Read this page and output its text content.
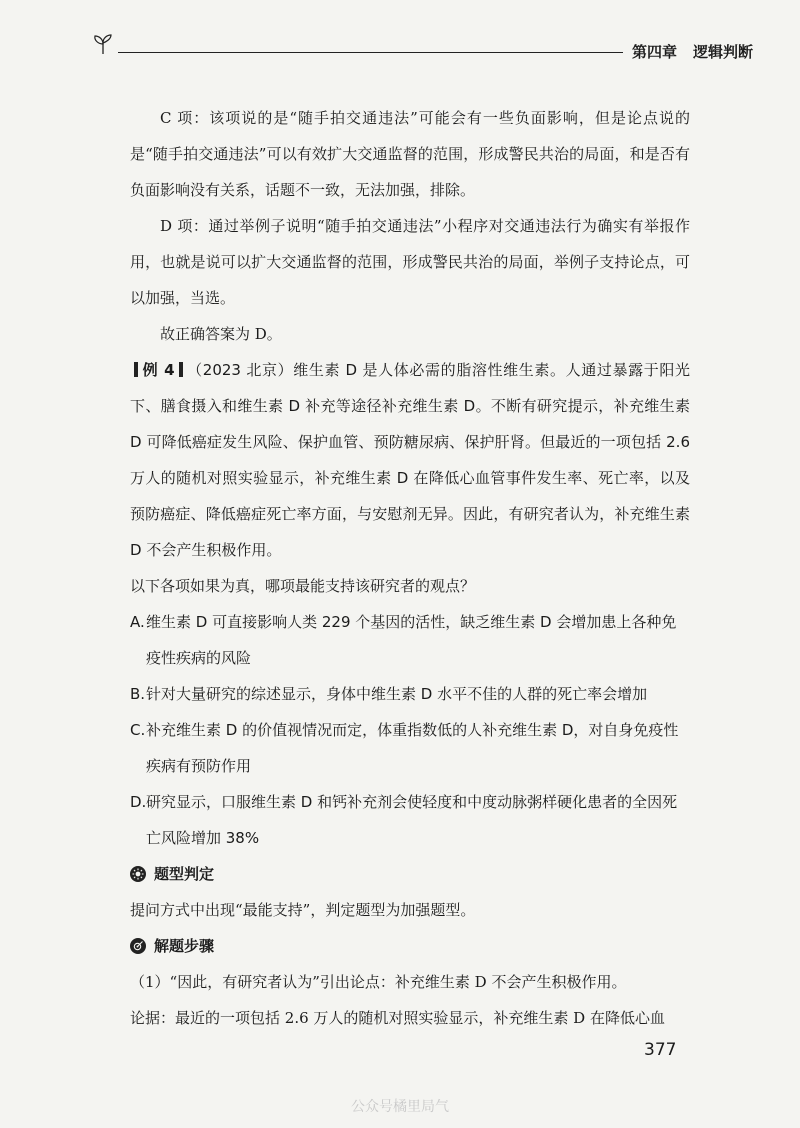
第四章 逻辑判断

C 项：该项说的是“随手拍交通违法”可能会有一些负面影响，但是论点说的是“随手拍交通违法”可以有效扩大交通监督的范围，形成警民共治的局面，和是否有负面影响没有关系，话题不一致，无法加强，排除。

D 项：通过举例子说明“随手拍交通违法”小程序对交通违法行为确实有举报作用，也就是说可以扩大交通监督的范围，形成警民共治的局面，举例子支持论点，可以加强，当选。

故正确答案为 D。

例 4 （2023 北京）维生素 D 是人体必需的脂溶性维生素。人通过暴露于阳光下、膳食摄入和维生素 D 补充等途径补充维生素 D。不断有研究提示，补充维生素 D 可降低癌症发生风险、保护血管、预防糖尿病、保护肝肾。但最近的一项包括 2.6 万人的随机对照实验显示，补充维生素 D 在降低心血管事件发生率、死亡率，以及预防癌症、降低癌症死亡率方面，与安慰剂无异。因此，有研究者认为，补充维生素 D 不会产生积极作用。

以下各项如果为真，哪项最能支持该研究者的观点？

A. 维生素 D 可直接影响人类 229 个基因的活性，缺乏维生素 D 会增加患上各种免疫性疾病的风险
B. 针对大量研究的综述显示，身体中维生素 D 水平不佳的人群的死亡率会增加
C. 补充维生素 D 的价值视情况而定，体重指数低的人补充维生素 D，对自身免疫性疾病有预防作用
D. 研究显示，口服维生素 D 和钙补充剂会使轻度和中度动脉粥样硬化患者的全因死亡风险增加 38%
题型判定

提问方式中出现“最能支持”，判定题型为加强题型。

解题步骤

（1）“因此，有研究者认为”引出论点：补充维生素 D 不会产生积极作用。

论据：最近的一项包括 2.6 万人的随机对照实验显示，补充维生素 D 在降低心血

377
公众号橘里局气
